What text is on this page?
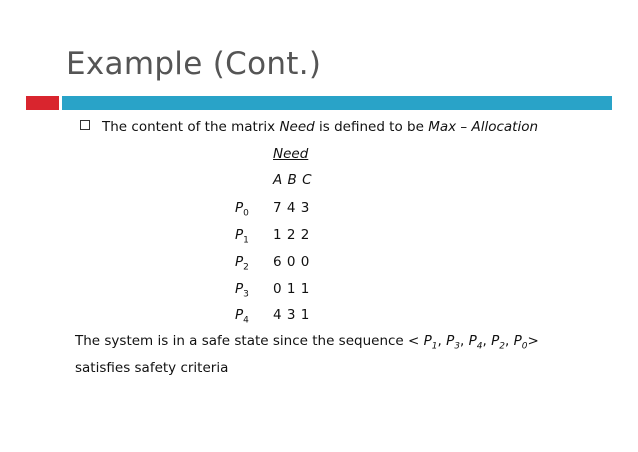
Example (Cont.)
The content of the matrix Need is defined to be Max – Allocation
Need
A B C
$P_0$ 7 4 3
$P_1$ 1 2 2
$P_2$ 6 0 0
$P_3$ 0 1 1
$P_4$ 4 3 1
The system is in a safe state since the sequence < $P_1$, $P_3$, $P_4$, $P_2$, $P_0>$
satisfies safety criteria
